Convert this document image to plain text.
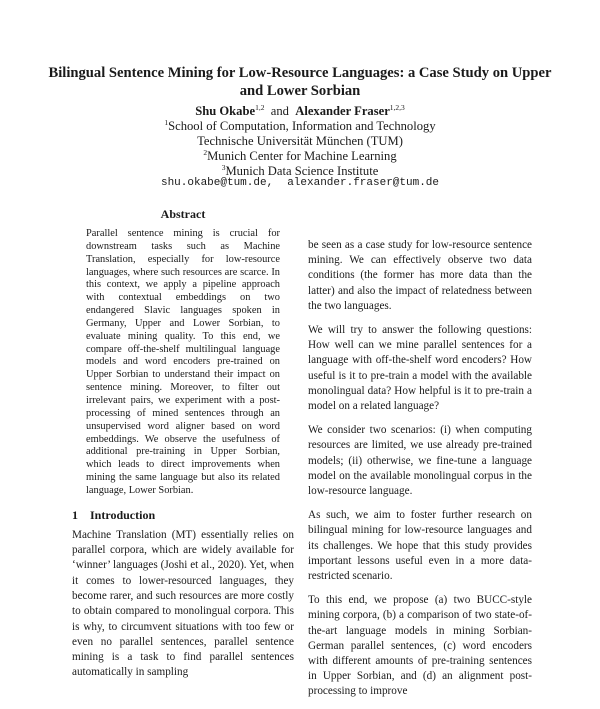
Bilingual Sentence Mining for Low-Resource Languages: a Case Study on Upper and Lower Sorbian
Shu Okabe$^{1,2}$ and Alexander Fraser$^{1,2,3}$
$^1$School of Computation, Information and Technology
Technische Universität München (TUM)
$^2$Munich Center for Machine Learning
$^3$Munich Data Science Institute
shu.okabe@tum.de, alexander.fraser@tum.de
Abstract
Parallel sentence mining is crucial for downstream tasks such as Machine Translation, especially for low-resource languages, where such resources are scarce. In this context, we apply a pipeline approach with contextual embeddings on two endangered Slavic languages spoken in Germany, Upper and Lower Sorbian, to evaluate mining quality. To this end, we compare off-the-shelf multilingual language models and word encoders pre-trained on Upper Sorbian to understand their impact on sentence mining. Moreover, to filter out irrelevant pairs, we experiment with a post-processing of mined sentences through an unsupervised word aligner based on word embeddings. We observe the usefulness of additional pre-training in Upper Sorbian, which leads to direct improvements when mining the same language but also its related language, Lower Sorbian.
1 Introduction
Machine Translation (MT) essentially relies on parallel corpora, which are widely available for ‘winner’ languages (Joshi et al., 2020). Yet, when it comes to lower-resourced languages, they become rarer, and such resources are more costly to obtain compared to monolingual corpora. This is why, to circumvent situations with too few or even no parallel sentences, parallel sentence mining is a task to find parallel sentences automatically in sampling
be seen as a case study for low-resource sentence mining. We can effectively observe two data conditions (the former has more data than the latter) and also the impact of relatedness between the two languages.
We will try to answer the following questions: How well can we mine parallel sentences for a language with off-the-shelf word encoders? How useful is it to pre-train a model with the available monolingual data? How helpful is it to pre-train a model on a related language?
We consider two scenarios: (i) when computing resources are limited, we use already pre-trained models; (ii) otherwise, we fine-tune a language model on the available monolingual corpus in the low-resource language.
As such, we aim to foster further research on bilingual mining for low-resource languages and its challenges. We hope that this study provides important lessons useful even in a more data-restricted scenario.
To this end, we propose (a) two BUCC-style mining corpora, (b) a comparison of two state-of-the-art language models in mining Sorbian-German parallel sentences, (c) word encoders with different amounts of pre-training sentences in Upper Sorbian, and (d) an alignment post-processing to improve
